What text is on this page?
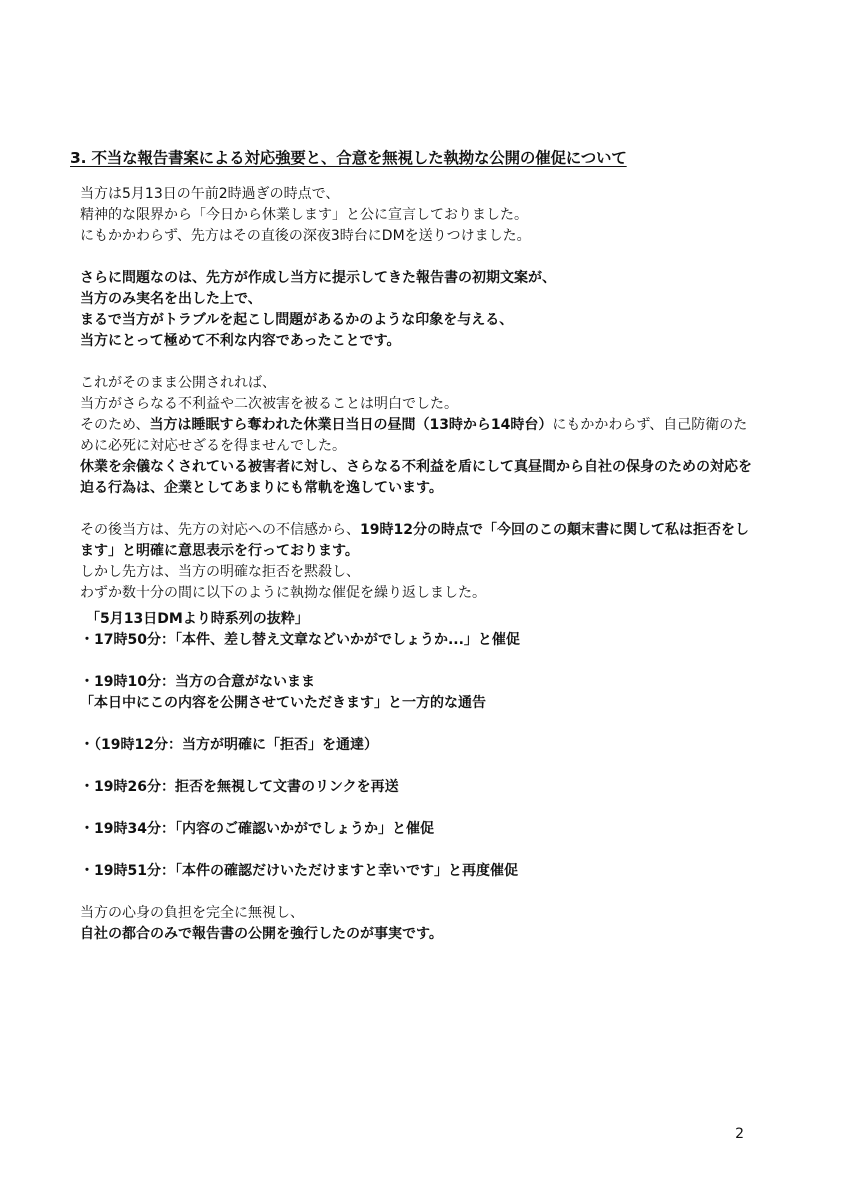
3. 不当な報告書案による対応強要と、合意を無視した執拗な公開の催促について
当方は5月13日の午前2時過ぎの時点で、
精神的な限界から「今日から休業します」と公に宣言しておりました。
にもかかわらず、先方はその直後の深夜3時台にDMを送りつけました。
さらに問題なのは、先方が作成し当方に提示してきた報告書の初期文案が、
当方のみ実名を出した上で、
まるで当方がトラブルを起こし問題があるかのような印象を与える、
当方にとって極めて不利な内容であったことです。
これがそのまま公開されれば、
当方がさらなる不利益や二次被害を被ることは明白でした。
そのため、当方は睡眠すら奪われた休業日当日の昼間（13時から14時台）にもかかわらず、自己防衛のために必死に対応せざるを得ませんでした。
休業を余儀なくされている被害者に対し、さらなる不利益を盾にして真昼間から自社の保身のための対応を迫る行為は、企業としてあまりにも常軌を逸しています。
その後当方は、先方の対応への不信感から、19時12分の時点で「今回のこの顛末書に関して私は拒否をします」と明確に意思表示を行っております。
しかし先方は、当方の明確な拒否を黙殺し、
わずか数十分の間に以下のように執拗な催促を繰り返しました。
「5月13日DMより時系列の抜粋」
・17時50分：「本件、差し替え文章などいかがでしょうか...」と催促
・19時10分：当方の合意がないまま
「本日中にこの内容を公開させていただきます」と一方的な通告
・（19時12分：当方が明確に「拒否」を通達）
・19時26分：拒否を無視して文書のリンクを再送
・19時34分：「内容のご確認いかがでしょうか」と催促
・19時51分：「本件の確認だけいただけますと幸いです」と再度催促
当方の心身の負担を完全に無視し、
自社の都合のみで報告書の公開を強行したのが事実です。
2
